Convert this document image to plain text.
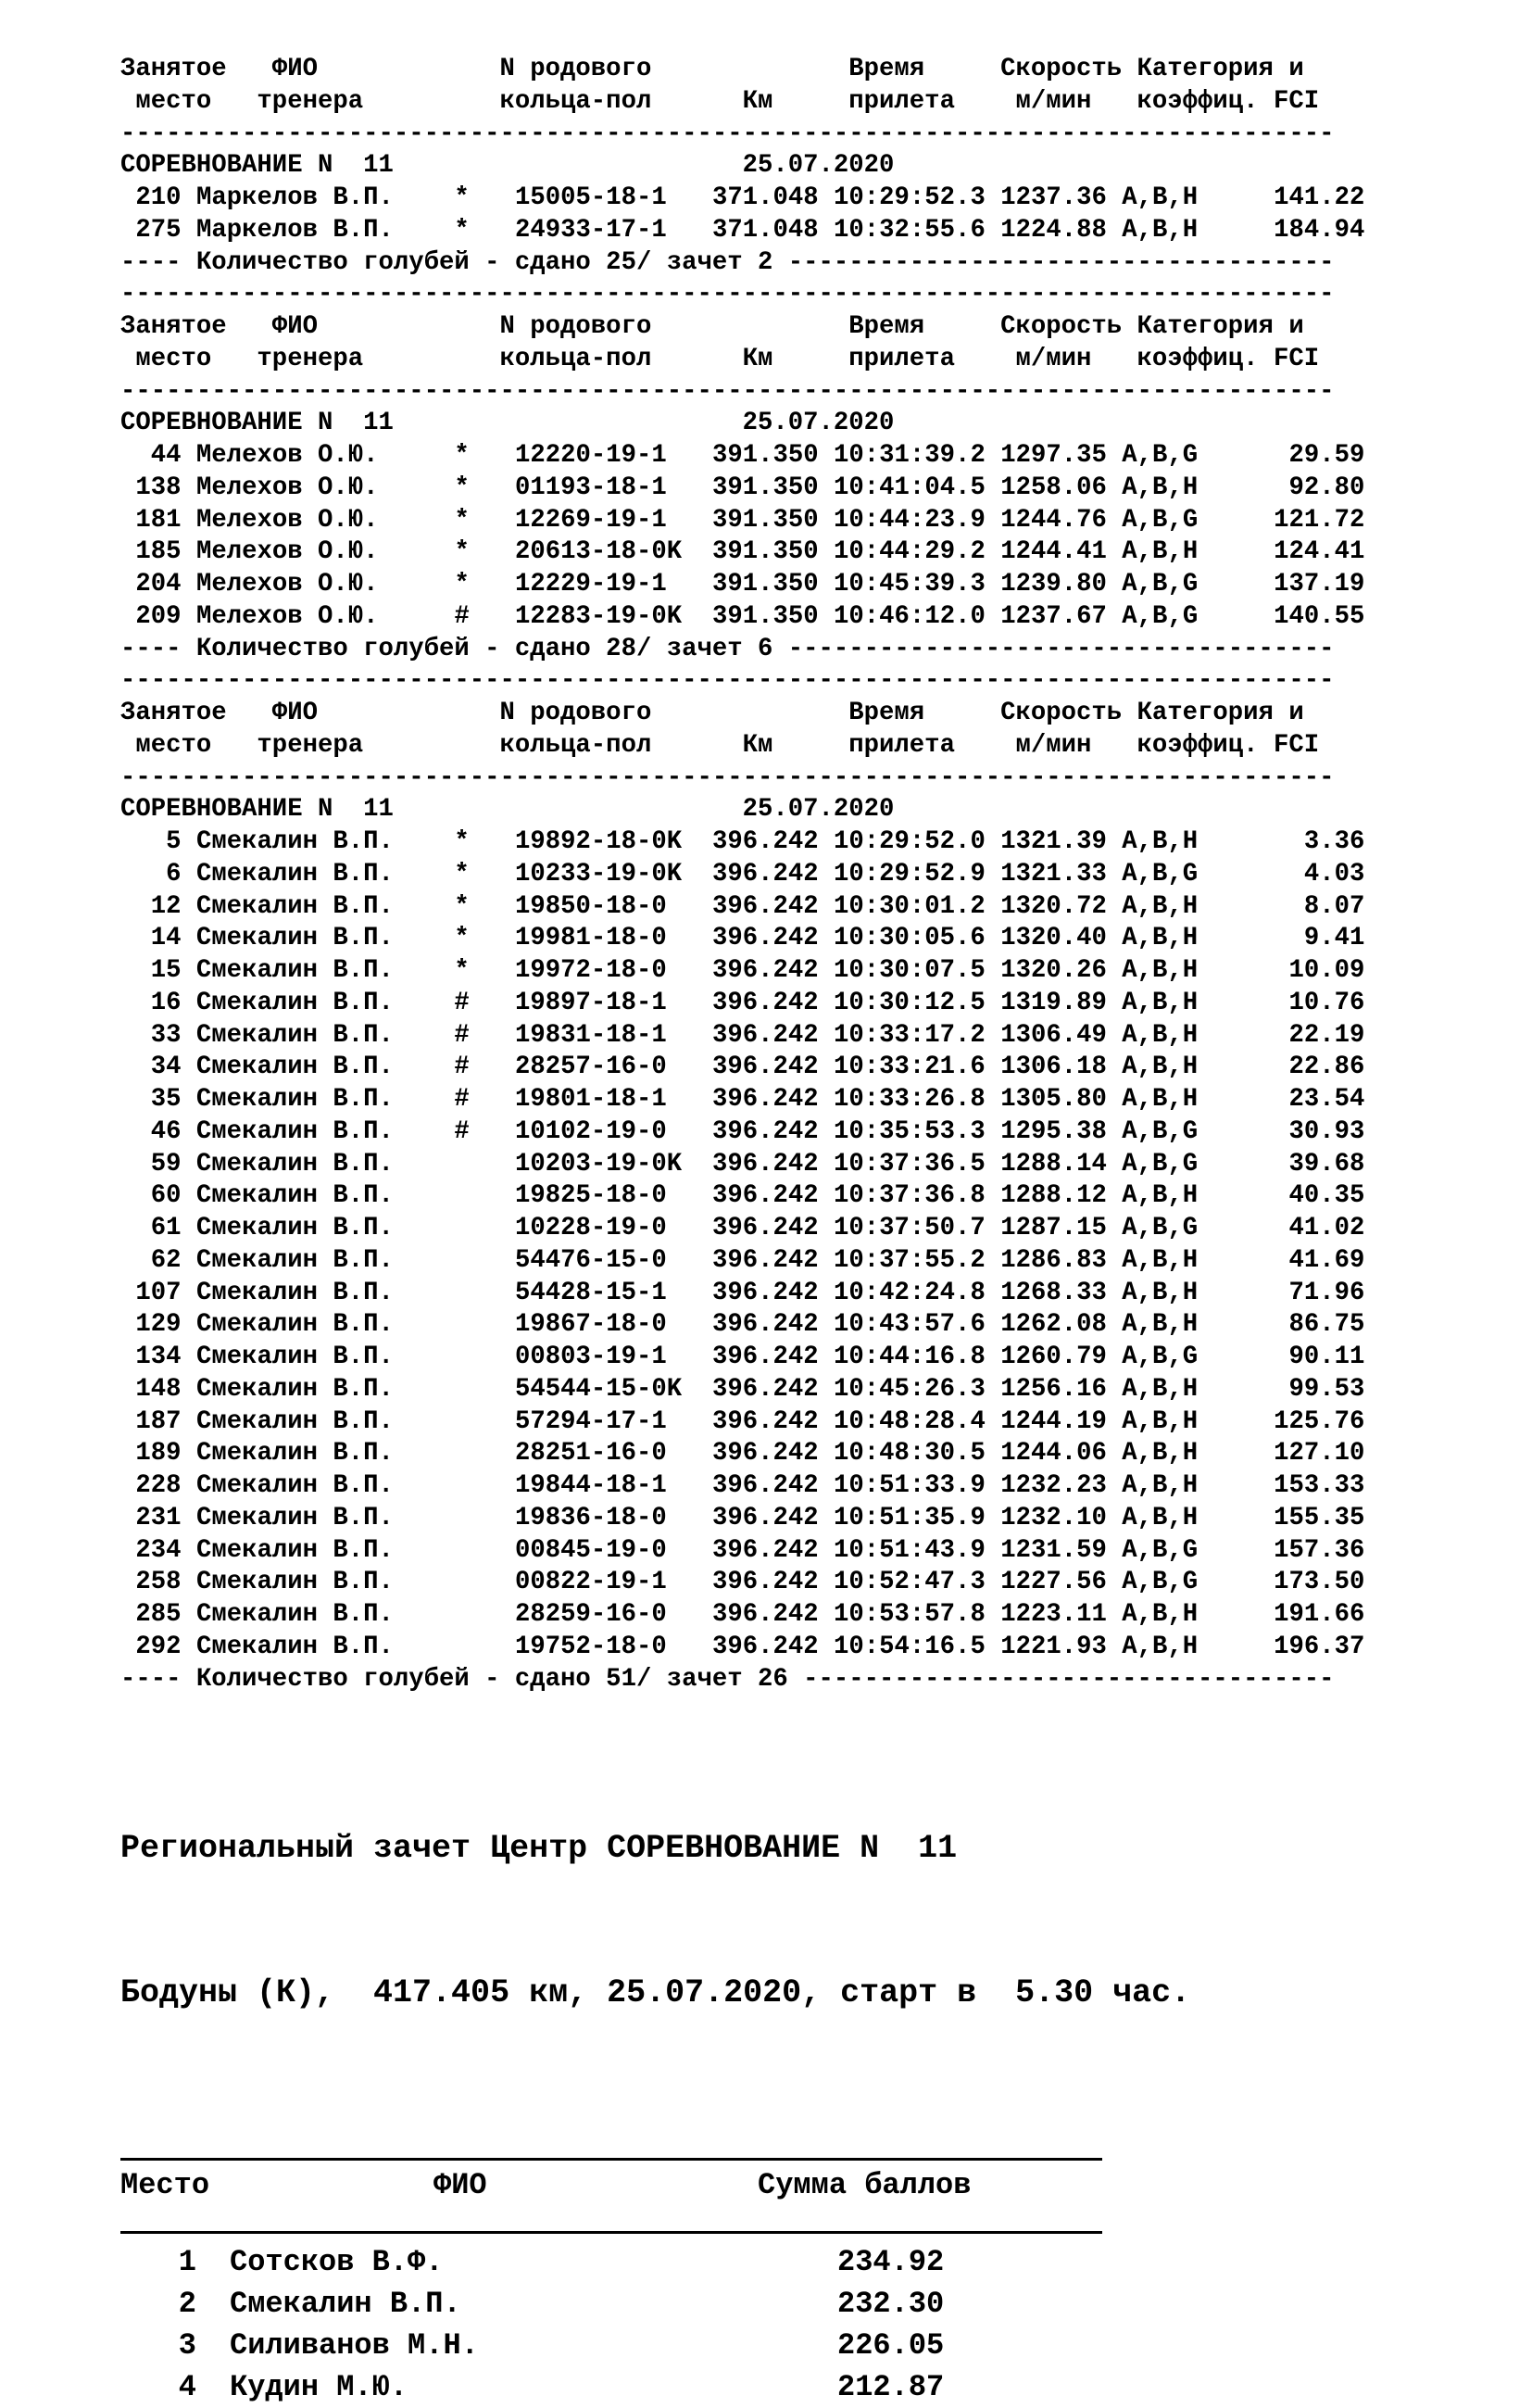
Занятое   ФИО            N родового             Время     Скорость Категория и
место   тренера         кольца-пол      Км     прилета    м/мин   коэффиц. FCI
--------------------------------------------------------------------------------
СОРЕВНОВАНИЕ N  11	25.07.2020
210 Маркелов В.П. * 15005-18-1 371.048 10:29:52.3 1237.36 A,B,H	141.22
275 Маркелов В.П. * 24933-17-1 371.048 10:32:55.6 1224.88 A,B,H	184.94
---- Количество голубей - сдано 25/ зачет 2 ------------------------------------
--------------------------------------------------------------------------------
Занятое   ФИО            N родового             Время     Скорость Категория и
место   тренера         кольца-пол      Км     прилета    м/мин   коэффиц. FCI
--------------------------------------------------------------------------------
СОРЕВНОВАНИЕ N  11	25.07.2020
44 Мелехов О.Ю.	* 12220-19-1 391.350 10:31:39.2 1297.35 A,B,G	29.59
138 Мелехов О.Ю.	* 01193-18-1 391.350 10:41:04.5 1258.06 A,B,H	92.80
181 Мелехов О.Ю.	* 12269-19-1 391.350 10:44:23.9 1244.76 A,B,G	121.72
185 Мелехов О.Ю.	* 20613-18-0K 391.350 10:44:29.2 1244.41 A,B,H	124.41
204 Мелехов О.Ю.	* 12229-19-1 391.350 10:45:39.3 1239.80 A,B,G	137.19
209 Мелехов О.Ю.	# 12283-19-0K 391.350 10:46:12.0 1237.67 A,B,G	140.55
---- Количество голубей - сдано 28/ зачет 6 ------------------------------------
--------------------------------------------------------------------------------
Занятое   ФИО            N родового             Время     Скорость Категория и
место   тренера         кольца-пол      Км     прилета    м/мин   коэффиц. FCI
--------------------------------------------------------------------------------
СОРЕВНОВАНИЕ N  11	25.07.2020
5 Смекалин В.П. * 19892-18-0K 396.242 10:29:52.0 1321.39 A,B,H	3.36
6 Смекалин В.П. * 10233-19-0K 396.242 10:29:52.9 1321.33 A,B,G	4.03
12 Смекалин В.П. * 19850-18-0 396.242 10:30:01.2 1320.72 A,B,H	8.07
14 Смекалин В.П. * 19981-18-0 396.242 10:30:05.6 1320.40 A,B,H	9.41
15 Смекалин В.П. * 19972-18-0 396.242 10:30:07.5 1320.26 A,B,H	10.09
16 Смекалин В.П. # 19897-18-1 396.242 10:30:12.5 1319.89 A,B,H	10.76
33 Смекалин В.П. # 19831-18-1 396.242 10:33:17.2 1306.49 A,B,H	22.19
34 Смекалин В.П. # 28257-16-0 396.242 10:33:21.6 1306.18 A,B,H	22.86
35 Смекалин В.П. # 19801-18-1 396.242 10:33:26.8 1305.80 A,B,H	23.54
46 Смекалин В.П. # 10102-19-0 396.242 10:35:53.3 1295.38 A,B,G	30.93
59 Смекалин В.П.	10203-19-0K 396.242 10:37:36.5 1288.14 A,B,G	39.68
60 Смекалин В.П.	19825-18-0 396.242 10:37:36.8 1288.12 A,B,H	40.35
61 Смекалин В.П.	10228-19-0 396.242 10:37:50.7 1287.15 A,B,G	41.02
62 Смекалин В.П.	54476-15-0 396.242 10:37:55.2 1286.83 A,B,H	41.69
107 Смекалин В.П.	54428-15-1 396.242 10:42:24.8 1268.33 A,B,H	71.96
129 Смекалин В.П.	19867-18-0 396.242 10:43:57.6 1262.08 A,B,H	86.75
134 Смекалин В.П.	00803-19-1 396.242 10:44:16.8 1260.79 A,B,G	90.11
148 Смекалин В.П.	54544-15-0K 396.242 10:45:26.3 1256.16 A,B,H	99.53
187 Смекалин В.П.	57294-17-1 396.242 10:48:28.4 1244.19 A,B,H	125.76
189 Смекалин В.П.	28251-16-0 396.242 10:48:30.5 1244.06 A,B,H	127.10
228 Смекалин В.П.	19844-18-1 396.242 10:51:33.9 1232.23 A,B,H	153.33
231 Смекалин В.П.	19836-18-0 396.242 10:51:35.9 1232.10 A,B,H	155.35
234 Смекалин В.П.	00845-19-0 396.242 10:51:43.9 1231.59 A,B,G	157.36
258 Смекалин В.П.	00822-19-1 396.242 10:52:47.3 1227.56 A,B,G	173.50
285 Смекалин В.П.	28259-16-0 396.242 10:53:57.8 1223.11 A,B,H	191.66
292 Смекалин В.П.	19752-18-0 396.242 10:54:16.5 1221.93 A,B,H	196.37
---- Количество голубей - сдано 51/ зачет 26 -----------------------------------

Региональный зачет Центр СОРЕВНОВАНИЕ N  11

Бодуны (К),  417.405 км, 25.07.2020, старт в  5.30 час.

Место	ФИО	Сумма баллов
1	Сотсков В.Ф.	234.92
2	Смекалин В.П.	232.30
3	Силиванов М.Н.	226.05
4	Кудин М.Ю.	212.87
